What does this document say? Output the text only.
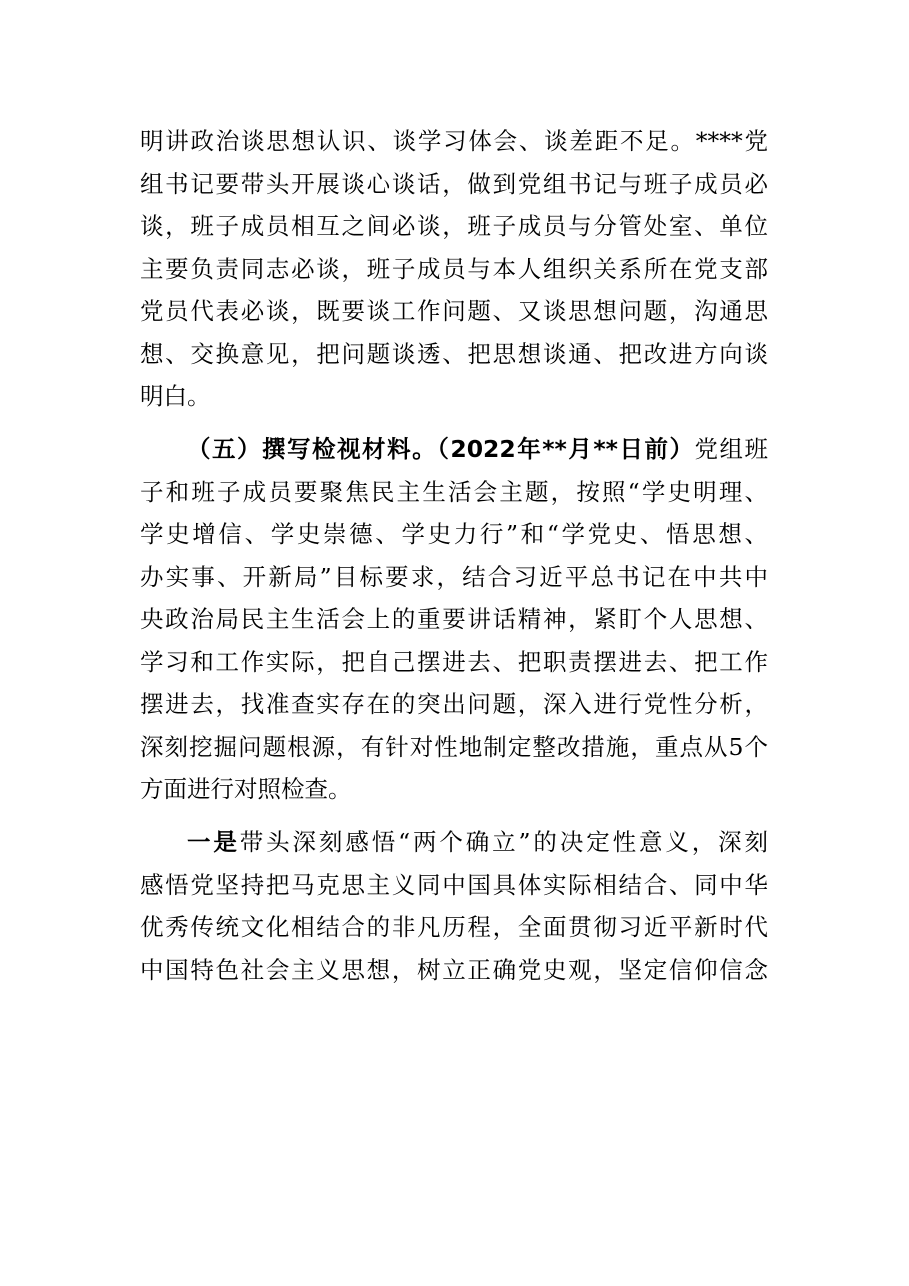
明讲政治谈思想认识、谈学习体会、谈差距不足。****党
组书记要带头开展谈心谈话，做到党组书记与班子成员必
谈，班子成员相互之间必谈，班子成员与分管处室、单位
主要负责同志必谈，班子成员与本人组织关系所在党支部
党员代表必谈，既要谈工作问题、又谈思想问题，沟通思
想、交换意见，把问题谈透、把思想谈通、把改进方向谈
明白。
（五）撰写检视材料。（2022年**月**日前）党组班
子和班子成员要聚焦民主生活会主题，按照“学史明理、
学史增信、学史崇德、学史力行”和“学党史、悟思想、
办实事、开新局”目标要求，结合习近平总书记在中共中
央政治局民主生活会上的重要讲话精神，紧盯个人思想、
学习和工作实际，把自己摆进去、把职责摆进去、把工作
摆进去，找准查实存在的突出问题，深入进行党性分析，
深刻挖掘问题根源，有针对性地制定整改措施，重点从5个
方面进行对照检查。
一是带头深刻感悟“两个确立”的决定性意义，深刻
感悟党坚持把马克思主义同中国具体实际相结合、同中华
优秀传统文化相结合的非凡历程，全面贯彻习近平新时代
中国特色社会主义思想，树立正确党史观，坚定信仰信念
